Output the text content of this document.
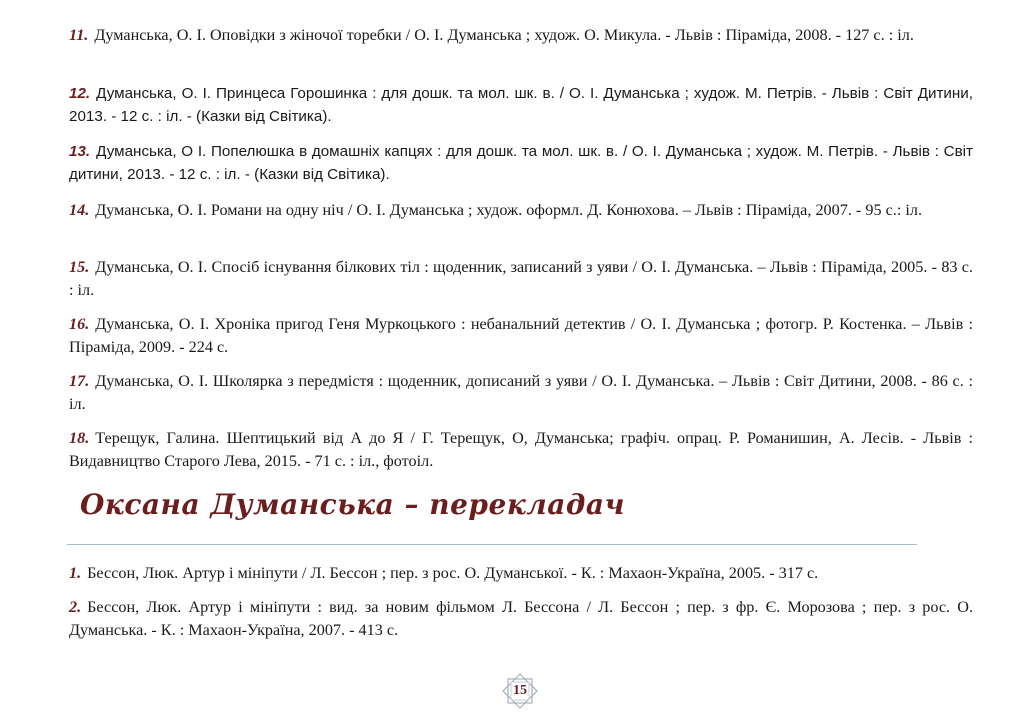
11. Думанська, О. І. Оповідки з жіночої торебки / О. І. Думанська ; худож. О. Микула. - Львів : Піраміда, 2008. - 127 с. : іл.

12. Думанська, О. І. Принцеса Горошинка : для дошк. та мол. шк. в. / О. І. Думанська ; худож. М. Петрів. - Львів : Світ Дитини, 2013. - 12 с. : іл. - (Казки від Світика).

13. Думанська, О І. Попелюшка в домашніх капцях : для дошк. та мол. шк. в. / О. І. Думанська ; худож. М. Петрів. - Львів : Світ дитини, 2013. - 12 с. : іл. - (Казки від Світика).

14. Думанська, О. І. Романи на одну ніч / О. І. Думанська ; худож. оформл. Д. Конюхова. – Львів : Піраміда, 2007. - 95 с.: іл.

15. Думанська, О. І. Спосіб існування білкових тіл : щоденник, записаний з уяви / О. І. Думанська. – Львів : Піраміда, 2005. - 83 с. : іл.

16. Думанська, О. І. Хроніка пригод Геня Муркоцького : небанальний детектив / О. І. Думанська ; фотогр. Р. Костенка. – Львів : Піраміда, 2009. - 224 с.

17. Думанська, О. І. Школярка з передмістя : щоденник, дописаний з уяви / О. І. Думанська. – Львів : Світ Дитини, 2008. - 86 с. : іл.

18. Терещук, Галина. Шептицький від А до Я / Г. Терещук, О, Думанська; графіч. опрац. Р. Романишин, А. Лесів. - Львів : Видавництво Старого Лева, 2015. - 71 с. : іл., фотоіл.

Оксана Думанська – перекладач

1. Бессон, Люк. Артур і мініпути / Л. Бессон ; пер. з рос. О. Думанської. - К. : Махаон-Україна, 2005. - 317 с.

2. Бессон, Люк. Артур і мініпути : вид. за новим фільмом Л. Бессона / Л. Бессон ; пер. з фр. Є. Морозова ; пер. з рос. О. Думанська. - К. : Махаон-Україна, 2007. - 413 с.

15
